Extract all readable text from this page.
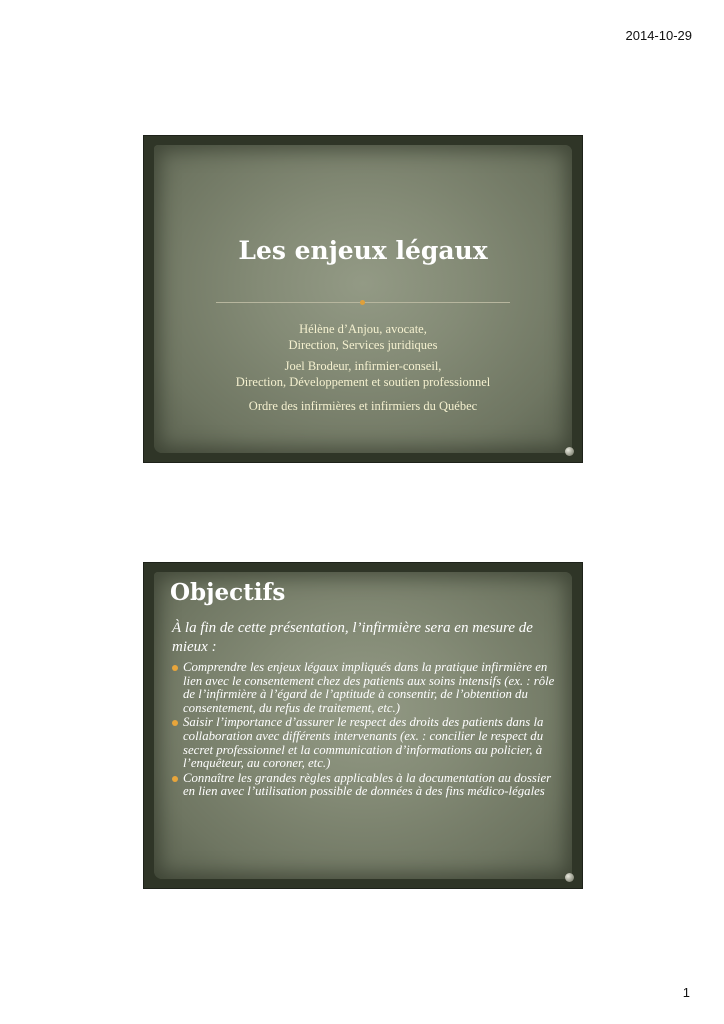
2014-10-29
Les enjeux légaux
Hélène d’Anjou, avocate,
Direction, Services juridiques
Joel Brodeur, infirmier-conseil,
Direction, Développement et soutien professionnel
Ordre des infirmières et infirmiers du Québec
Objectifs
À la fin de cette présentation, l’infirmière sera en mesure de mieux :
Comprendre les enjeux légaux impliqués dans la pratique infirmière en lien avec le consentement chez des patients aux soins intensifs (ex. : rôle de l’infirmière à l’égard de l’aptitude à consentir, de l’obtention du consentement, du refus de traitement, etc.)
Saisir l’importance d’assurer le respect des droits des patients dans la collaboration avec différents intervenants (ex. : concilier le respect du secret professionnel et la communication d’informations au policier, à l’enquêteur, au coroner, etc.)
Connaître les grandes règles applicables à la documentation au dossier en lien avec l’utilisation possible de données à des fins médico-légales
1
